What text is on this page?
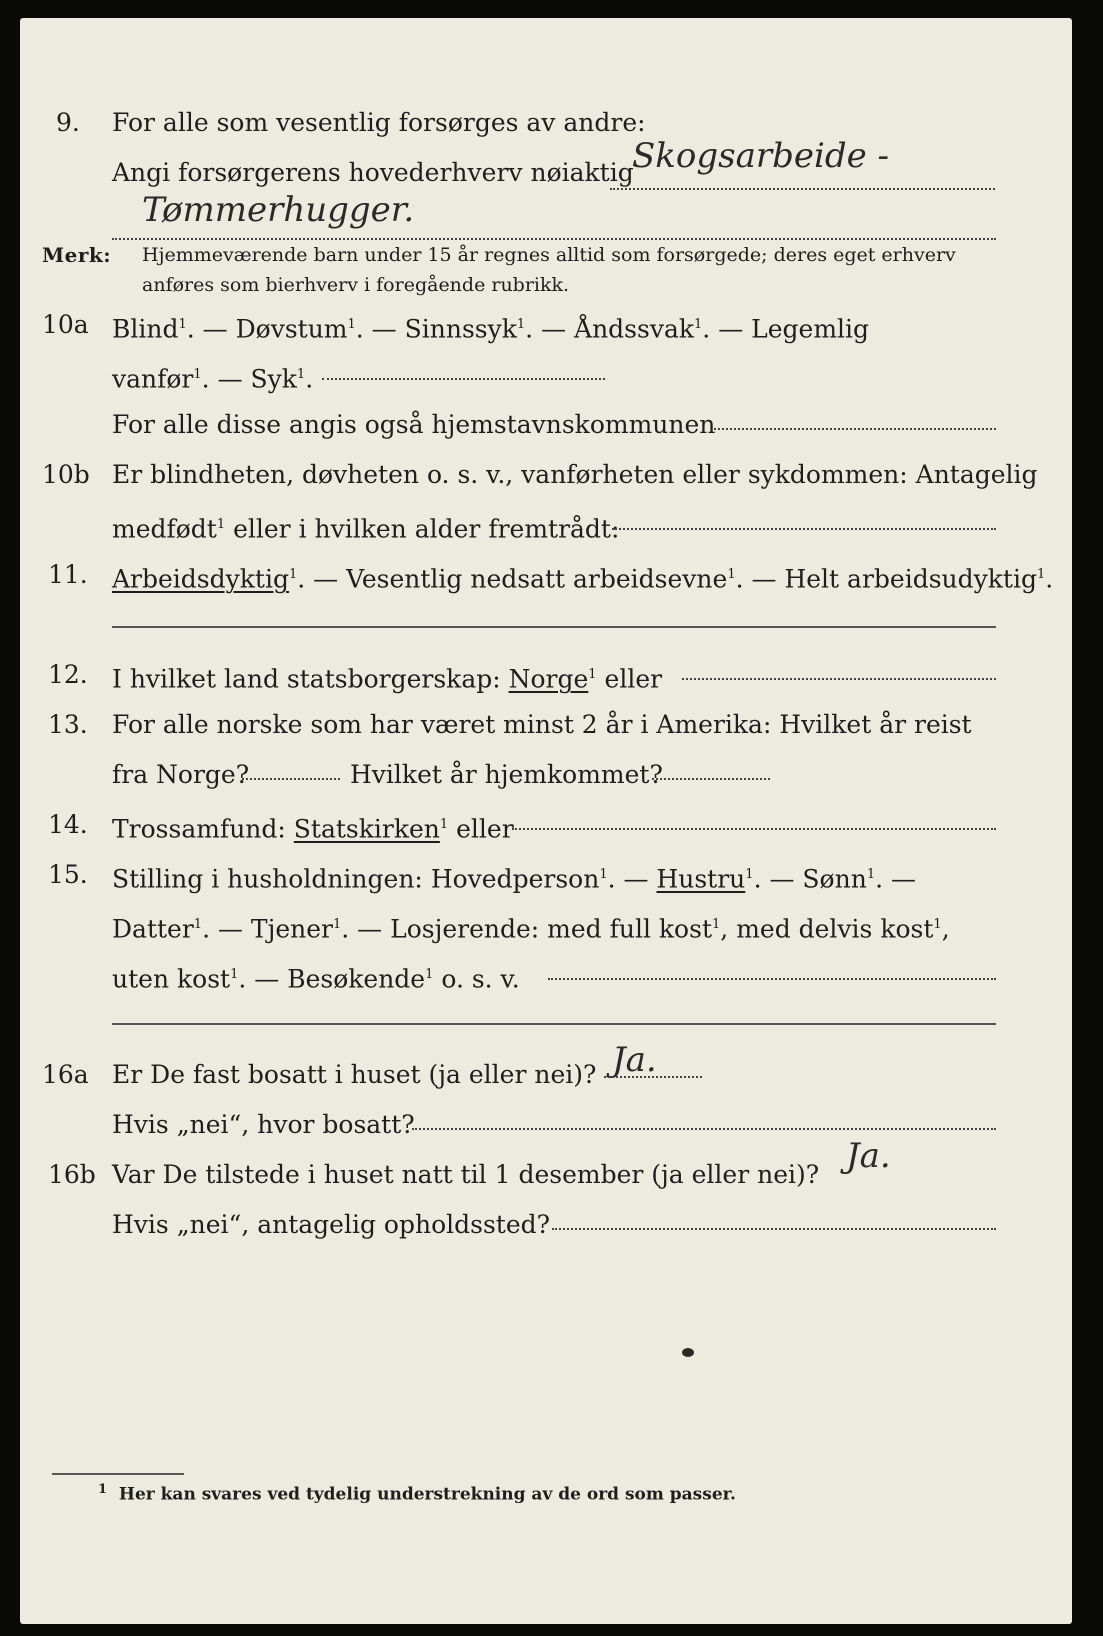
9. For alle som vesentlig forsørges av andre:
Angi forsørgerens hovederhverv nøiaktig
Skogsarbeide -
Tømmerhugger.
Merk: Hjemmeværende barn under 15 år regnes alltid som forsørgede; deres eget erhverv
anføres som bierhverv i foregående rubrikk.
10a Blind$^1$. — Døvstum$^1$. — Sinnssyk$^1$. — Åndssvak$^1$. — Legemlig
vanfør$^1$. — Syk$^1$.
For alle disse angis også hjemstavnskommunen
10b Er blindheten, døvheten o. s. v., vanførheten eller sykdommen: Antagelig
medfødt$^1$ eller i hvilken alder fremtrådt:
11. Arbeidsdyktig$^1$. — Vesentlig nedsatt arbeidsevne$^1$. — Helt arbeidsudyktig$^1$.
12. I hvilket land statsborgerskap: Norge$^1$ eller
13. For alle norske som har været minst 2 år i Amerika: Hvilket år reist
fra Norge?	Hvilket år hjemkommet?
14. Trossamfund: Statskirken$^1$ eller
15. Stilling i husholdningen: Hovedperson$^1$. — Hustru$^1$. — Sønn$^1$. —
Datter$^1$. — Tjener$^1$. — Losjerende: med full kost$^1$, med delvis kost$^1$,
uten kost$^1$. — Besøkende$^1$ o. s. v.
16a Er De fast bosatt i huset (ja eller nei)? Ja.
Hvis „nei“, hvor bosatt?
16b Var De tilstede i huset natt til 1 desember (ja eller nei)? Ja.
Hvis „nei“, antagelig opholdssted?
$^1$ Her kan svares ved tydelig understrekning av de ord som passer.
